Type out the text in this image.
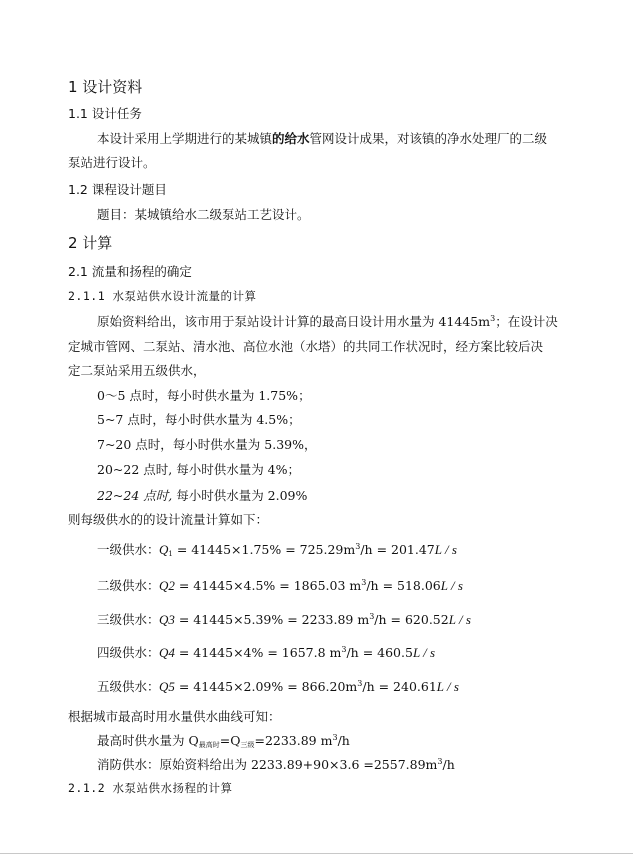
1 设计资料
1.1 设计任务
本设计采用上学期进行的某城镇的给水管网设计成果，对该镇的净水处理厂的二级
泵站进行设计。
1.2 课程设计题目
题目：某城镇给水二级泵站工艺设计。
2 计算
2.1 流量和扬程的确定
2.1.1 水泵站供水设计流量的计算
原始资料给出，该市用于泵站设计计算的最高日设计用水量为 $41445m^3$；在设计决
定城市管网、二泵站、清水池、高位水池（水塔）的共同工作状况时，经方案比较后决
定二泵站采用五级供水，
0～5 点时，每小时供水量为 1.75%；
5~7 点时，每小时供水量为 4.5%；
7~20 点时，每小时供水量为 5.39%，
20~22 点时, 每小时供水量为 4%；
22~24 点时, 每小时供水量为 2.09%
则每级供水的的设计流量计算如下：
一级供水：$Q_1 = 41445\times 1.75\% = 725.29m^3/h = 201.47L / s$
二级供水：Q2 = 41445×4.5% = 1865.03 $m^3/h = 518.06L / s$
三级供水：Q3 = 41445×5.39% = 2233.89 $m^3/h = 620.52L / s$
四级供水：Q4 = 41445×4% = 1657.8 $m^3/h = 460.5L / s$
五级供水：$Q5 = 41445\times 2.09\% = 866.20m^3/h = 240.61L / s$
根据城市最高时用水量供水曲线可知：
最高时供水量为 $Q_{最高时}=Q_{三级}=2233.89$ $m^3/h$
消防供水：原始资料给出为 $2233.89+90\times 3.6 =2557.89m^3/h$
2.1.2 水泵站供水扬程的计算
